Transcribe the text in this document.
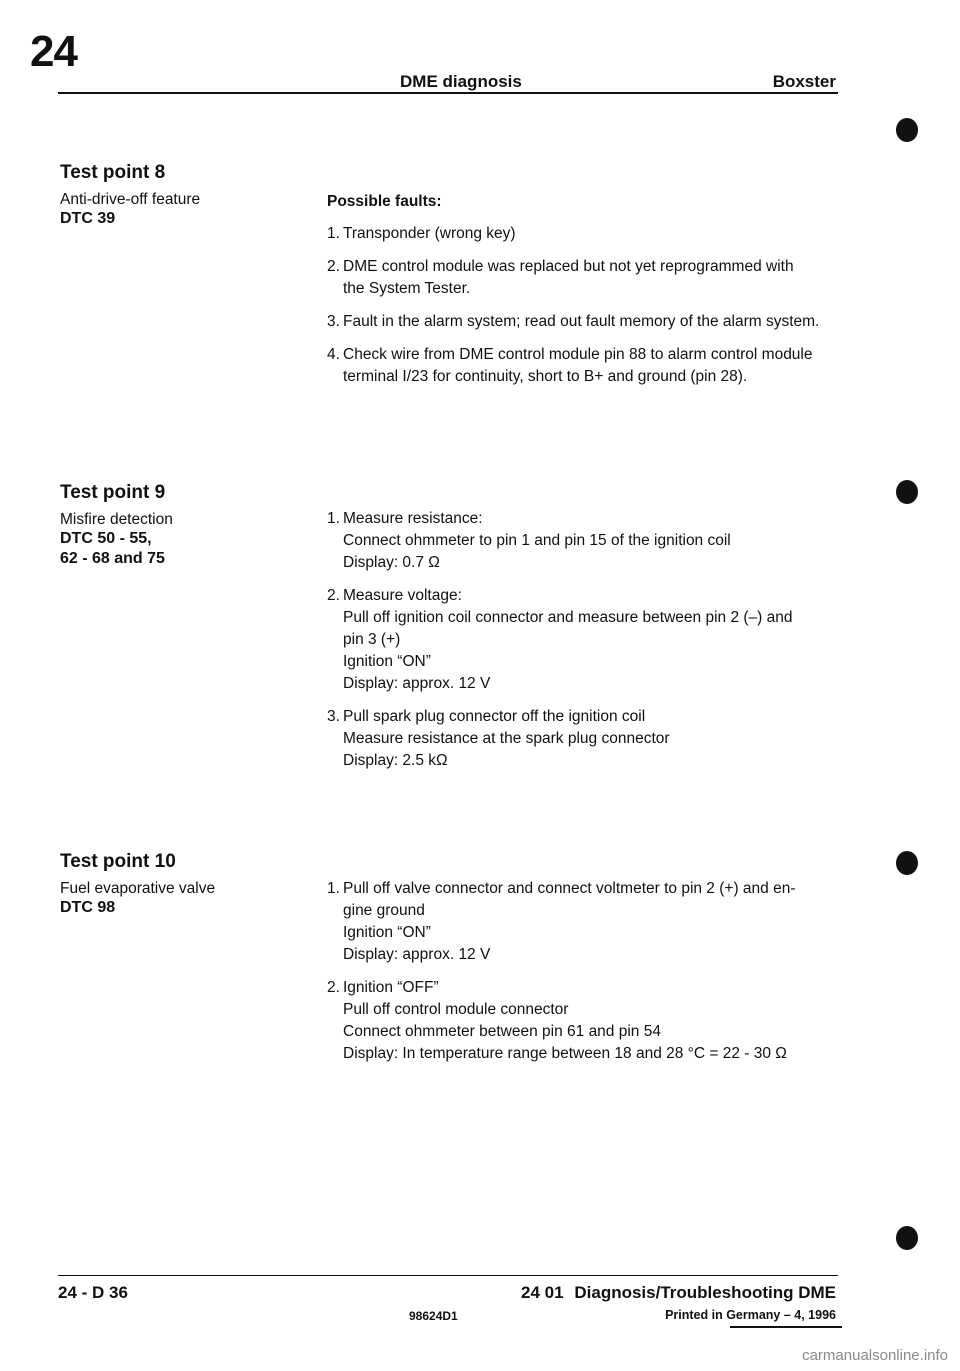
24
DME diagnosis	Boxster
Test point 8
Anti-drive-off feature
DTC 39
Possible faults:
1. Transponder (wrong key)
2. DME control module was replaced but not yet reprogrammed with
the System Tester.
3. Fault in the alarm system; read out fault memory of the alarm system.
4. Check wire from DME control module pin 88 to alarm control module
terminal I/23 for continuity, short to B+ and ground (pin 28).
Test point 9
Misfire detection
DTC 50 - 55,
62 - 68 and 75
1. Measure resistance:
Connect ohmmeter to pin 1 and pin 15 of the ignition coil
Display: 0.7 Ω
2. Measure voltage:
Pull off ignition coil connector and measure between pin 2 (–) and
pin 3 (+)
Ignition “ON”
Display: approx. 12 V
3. Pull spark plug connector off the ignition coil
Measure resistance at the spark plug connector
Display: 2.5 kΩ
Test point 10
Fuel evaporative valve
DTC 98
1. Pull off valve connector and connect voltmeter to pin 2 (+) and en-
gine ground
Ignition “ON”
Display: approx. 12 V
2. Ignition “OFF”
Pull off control module connector
Connect ohmmeter between pin 61 and pin 54
Display: In temperature range between 18 and 28 °C = 22 - 30 Ω
24 - D 36	24 01 Diagnosis/Troubleshooting DME
98624D1	Printed in Germany – 4, 1996
carmanualsonline.info
